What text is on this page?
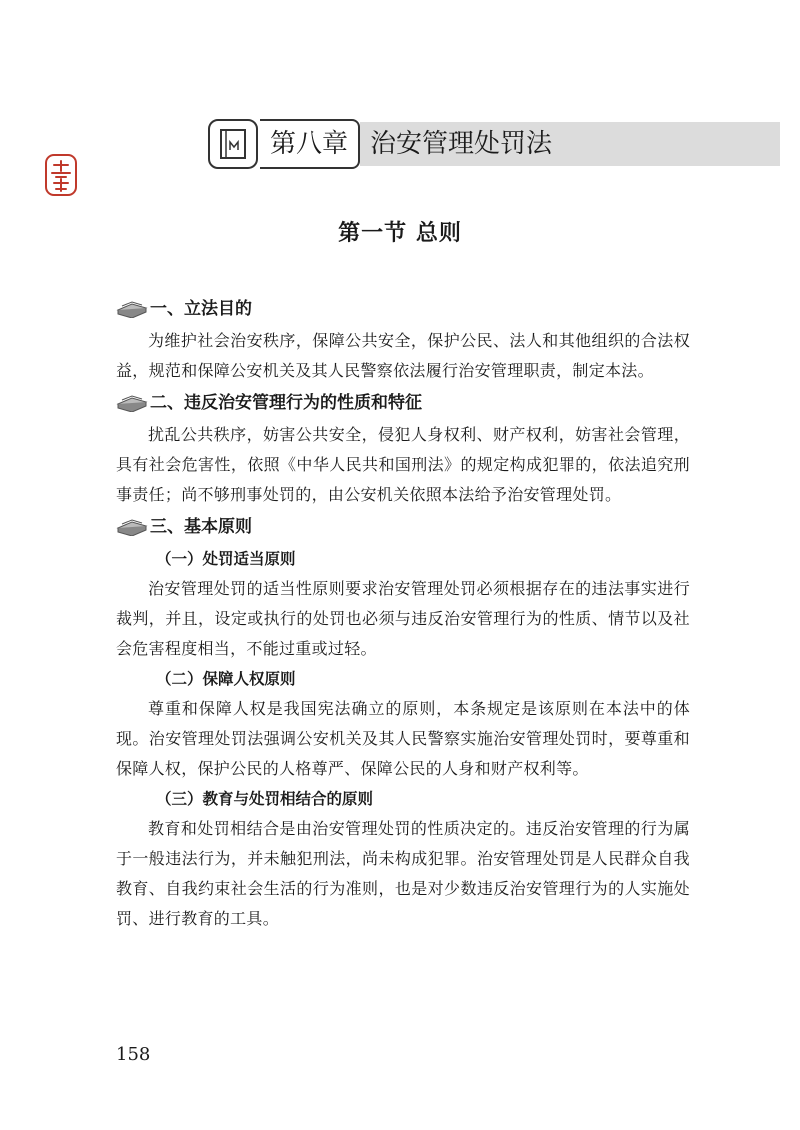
第八章 治安管理处罚法
第一节 总则
一、立法目的

为维护社会治安秩序，保障公共安全，保护公民、法人和其他组织的合法权益，规范和保障公安机关及其人民警察依法履行治安管理职责，制定本法。

二、违反治安管理行为的性质和特征

扰乱公共秩序，妨害公共安全，侵犯人身权利、财产权利，妨害社会管理，具有社会危害性，依照《中华人民共和国刑法》的规定构成犯罪的，依法追究刑事责任；尚不够刑事处罚的，由公安机关依照本法给予治安管理处罚。

三、基本原则
（一）处罚适当原则

治安管理处罚的适当性原则要求治安管理处罚必须根据存在的违法事实进行裁判，并且，设定或执行的处罚也必须与违反治安管理行为的性质、情节以及社会危害程度相当，不能过重或过轻。

（二）保障人权原则

尊重和保障人权是我国宪法确立的原则，本条规定是该原则在本法中的体现。治安管理处罚法强调公安机关及其人民警察实施治安管理处罚时，要尊重和保障人权，保护公民的人格尊严、保障公民的人身和财产权利等。

（三）教育与处罚相结合的原则

教育和处罚相结合是由治安管理处罚的性质决定的。违反治安管理的行为属于一般违法行为，并未触犯刑法，尚未构成犯罪。治安管理处罚是人民群众自我教育、自我约束社会生活的行为准则，也是对少数违反治安管理行为的人实施处罚、进行教育的工具。

158
